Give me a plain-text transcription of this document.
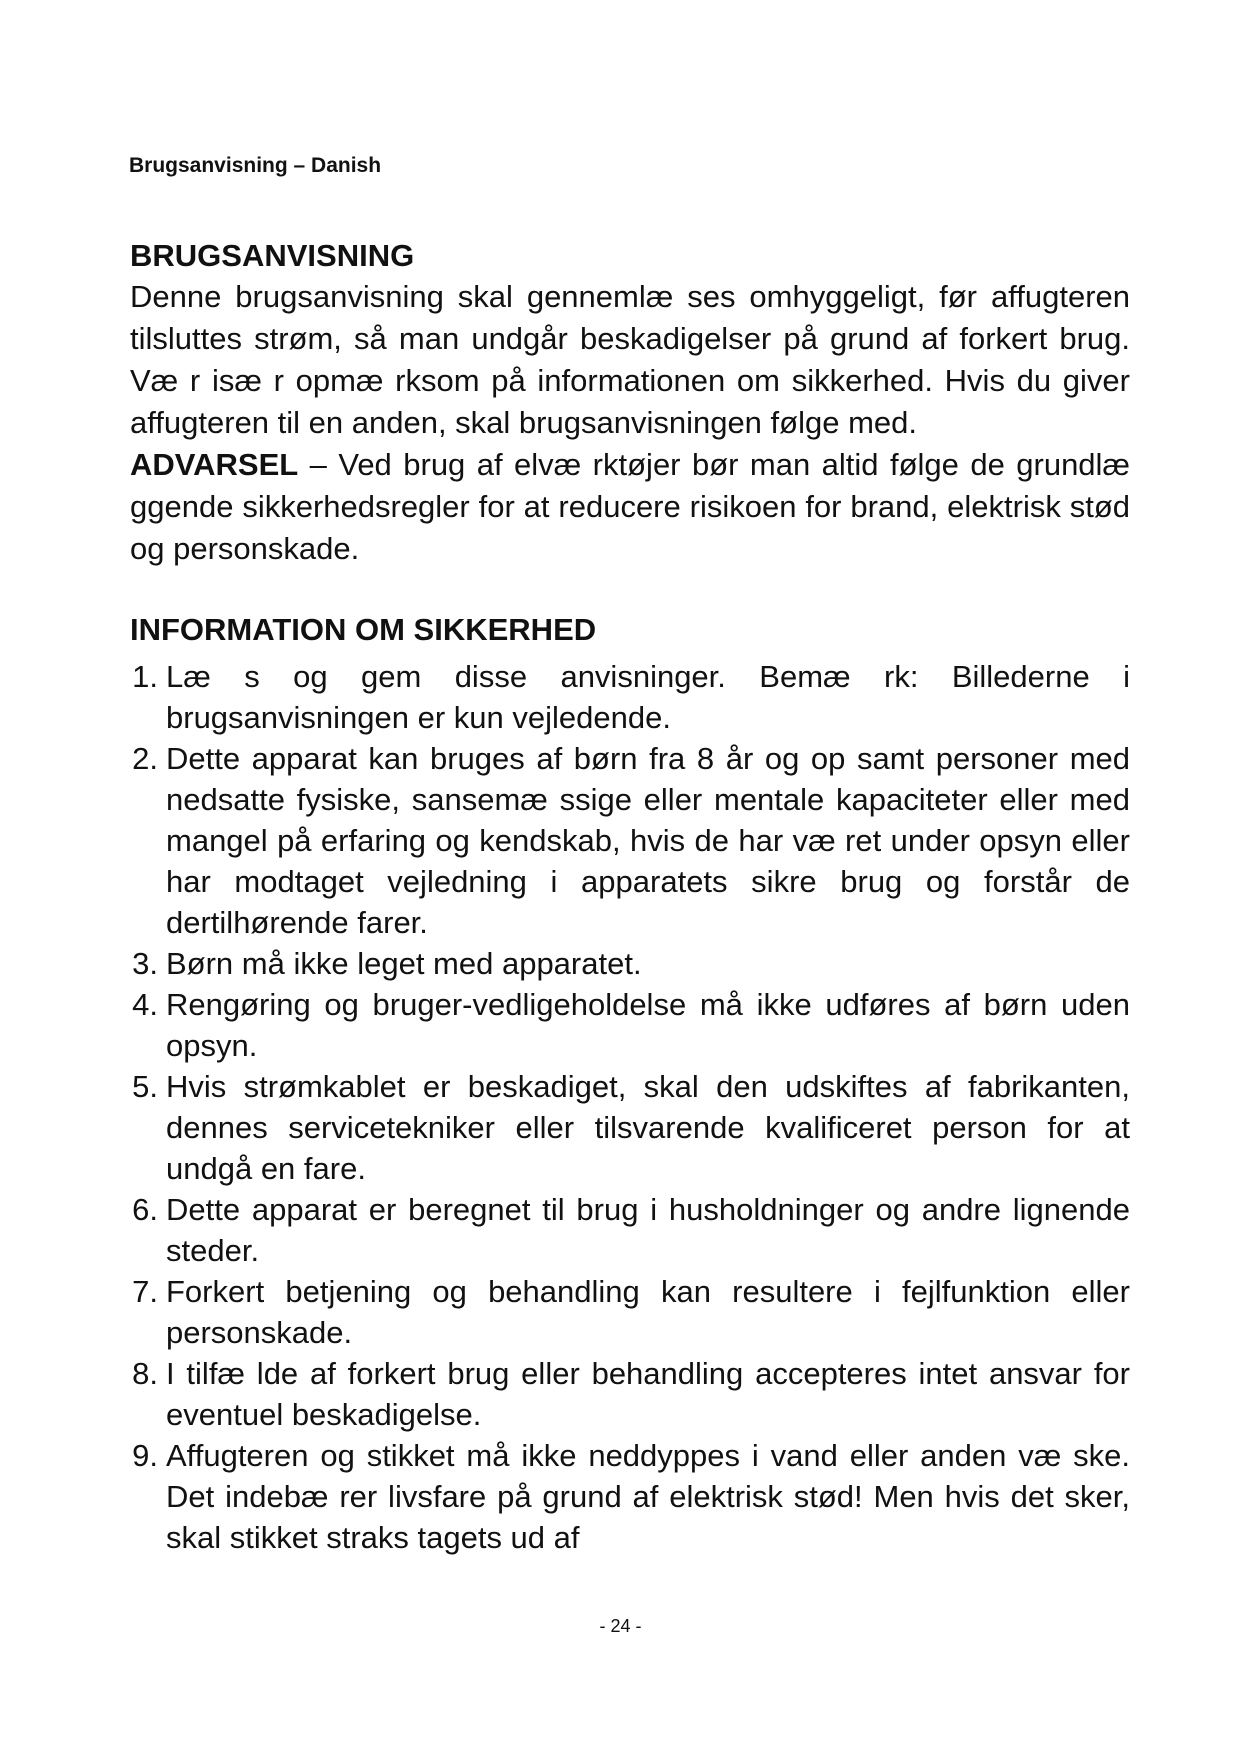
Brugsanvisning – Danish
BRUGSANVISNING

Denne brugsanvisning skal gennemlæ ses omhyggeligt, før affugteren tilsluttes strøm, så man undgår beskadigelser på grund af forkert brug. Væ r isæ r opmæ rksom på informationen om sikkerhed. Hvis du giver affugteren til en anden, skal brugsanvisningen følge med.

ADVARSEL – Ved brug af elvæ rktøjer bør man altid følge de grundlæ ggende sikkerhedsregler for at reducere risikoen for brand, elektrisk stød og personskade.

INFORMATION OM SIKKERHED
1. Læ s og gem disse anvisninger. Bemæ rk: Billederne i brugsanvisningen er kun vejledende.
2. Dette apparat kan bruges af børn fra 8 år og op samt personer med nedsatte fysiske, sansemæ ssige eller mentale kapaciteter eller med mangel på erfaring og kendskab, hvis de har væ ret under opsyn eller har modtaget vejledning i apparatets sikre brug og forstår de dertilhørende farer.
3. Børn må ikke leget med apparatet.
4. Rengøring og bruger-vedligeholdelse må ikke udføres af børn uden opsyn.
5. Hvis strømkablet er beskadiget, skal den udskiftes af fabrikanten, dennes servicetekniker eller tilsvarende kvalificeret person for at undgå en fare.
6. Dette apparat er beregnet til brug i husholdninger og andre lignende steder.
7. Forkert betjening og behandling kan resultere i fejlfunktion eller personskade.
8. I tilfæ lde af forkert brug eller behandling accepteres intet ansvar for eventuel beskadigelse.
9. Affugteren og stikket må ikke neddyppes i vand eller anden væ ske. Det indebæ rer livsfare på grund af elektrisk stød! Men hvis det sker, skal stikket straks tagets ud af
- 24 -
